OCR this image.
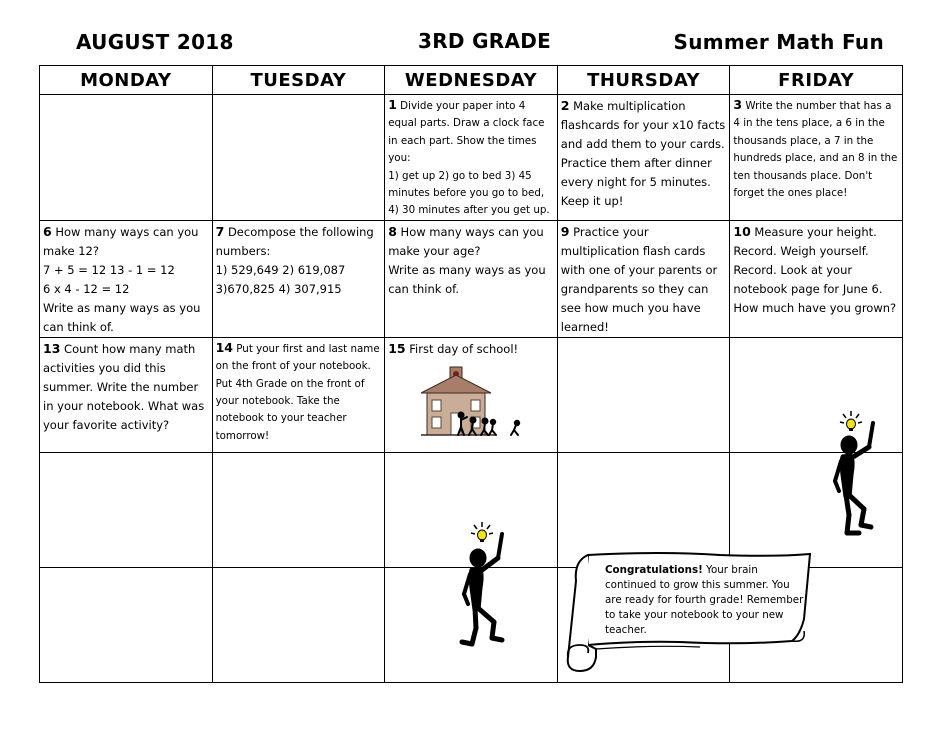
AUGUST 2018	3RD GRADE	Summer Math Fun
MONDAY	TUESDAY	WEDNESDAY	THURSDAY	FRIDAY

		1 Divide your paper into 4 equal parts. Draw a clock face in each part. Show the times you:
1) get up 2) go to bed 3) 45 minutes before you go to bed,
4) 30 minutes after you get up.	2 Make multiplication flashcards for your x10 facts and add them to your cards. Practice them after dinner every night for 5 minutes. Keep it up!	3 Write the number that has a 4 in the tens place, a 6 in the thousands place, a 7 in the hundreds place, and an 8 in the ten thousands place. Don't forget the ones place!

6 How many ways can you make 12?
7 + 5 = 12 13 - 1 = 12
6 x 4 - 12 = 12
Write as many ways as you can think of.	7 Decompose the following numbers:
1) 529,649 2) 619,087
3)670,825 4) 307,915	8 How many ways can you make your age?
Write as many ways as you can think of.	9 Practice your multiplication flash cards with one of your parents or grandparents so they can see how much you have learned!	10 Measure your height. Record. Weigh yourself. Record. Look at your notebook page for June 6. How much have you grown?

13 Count how many math activities you did this summer. Write the number in your notebook. What was your favorite activity?	14 Put your first and last name on the front of your notebook. Put 4th Grade on the front of your notebook. Take the notebook to your teacher tomorrow!	15 First day of school!		

Congratulations! Your brain continued to grow this summer. You are ready for fourth grade! Remember to take your notebook to your new teacher.
